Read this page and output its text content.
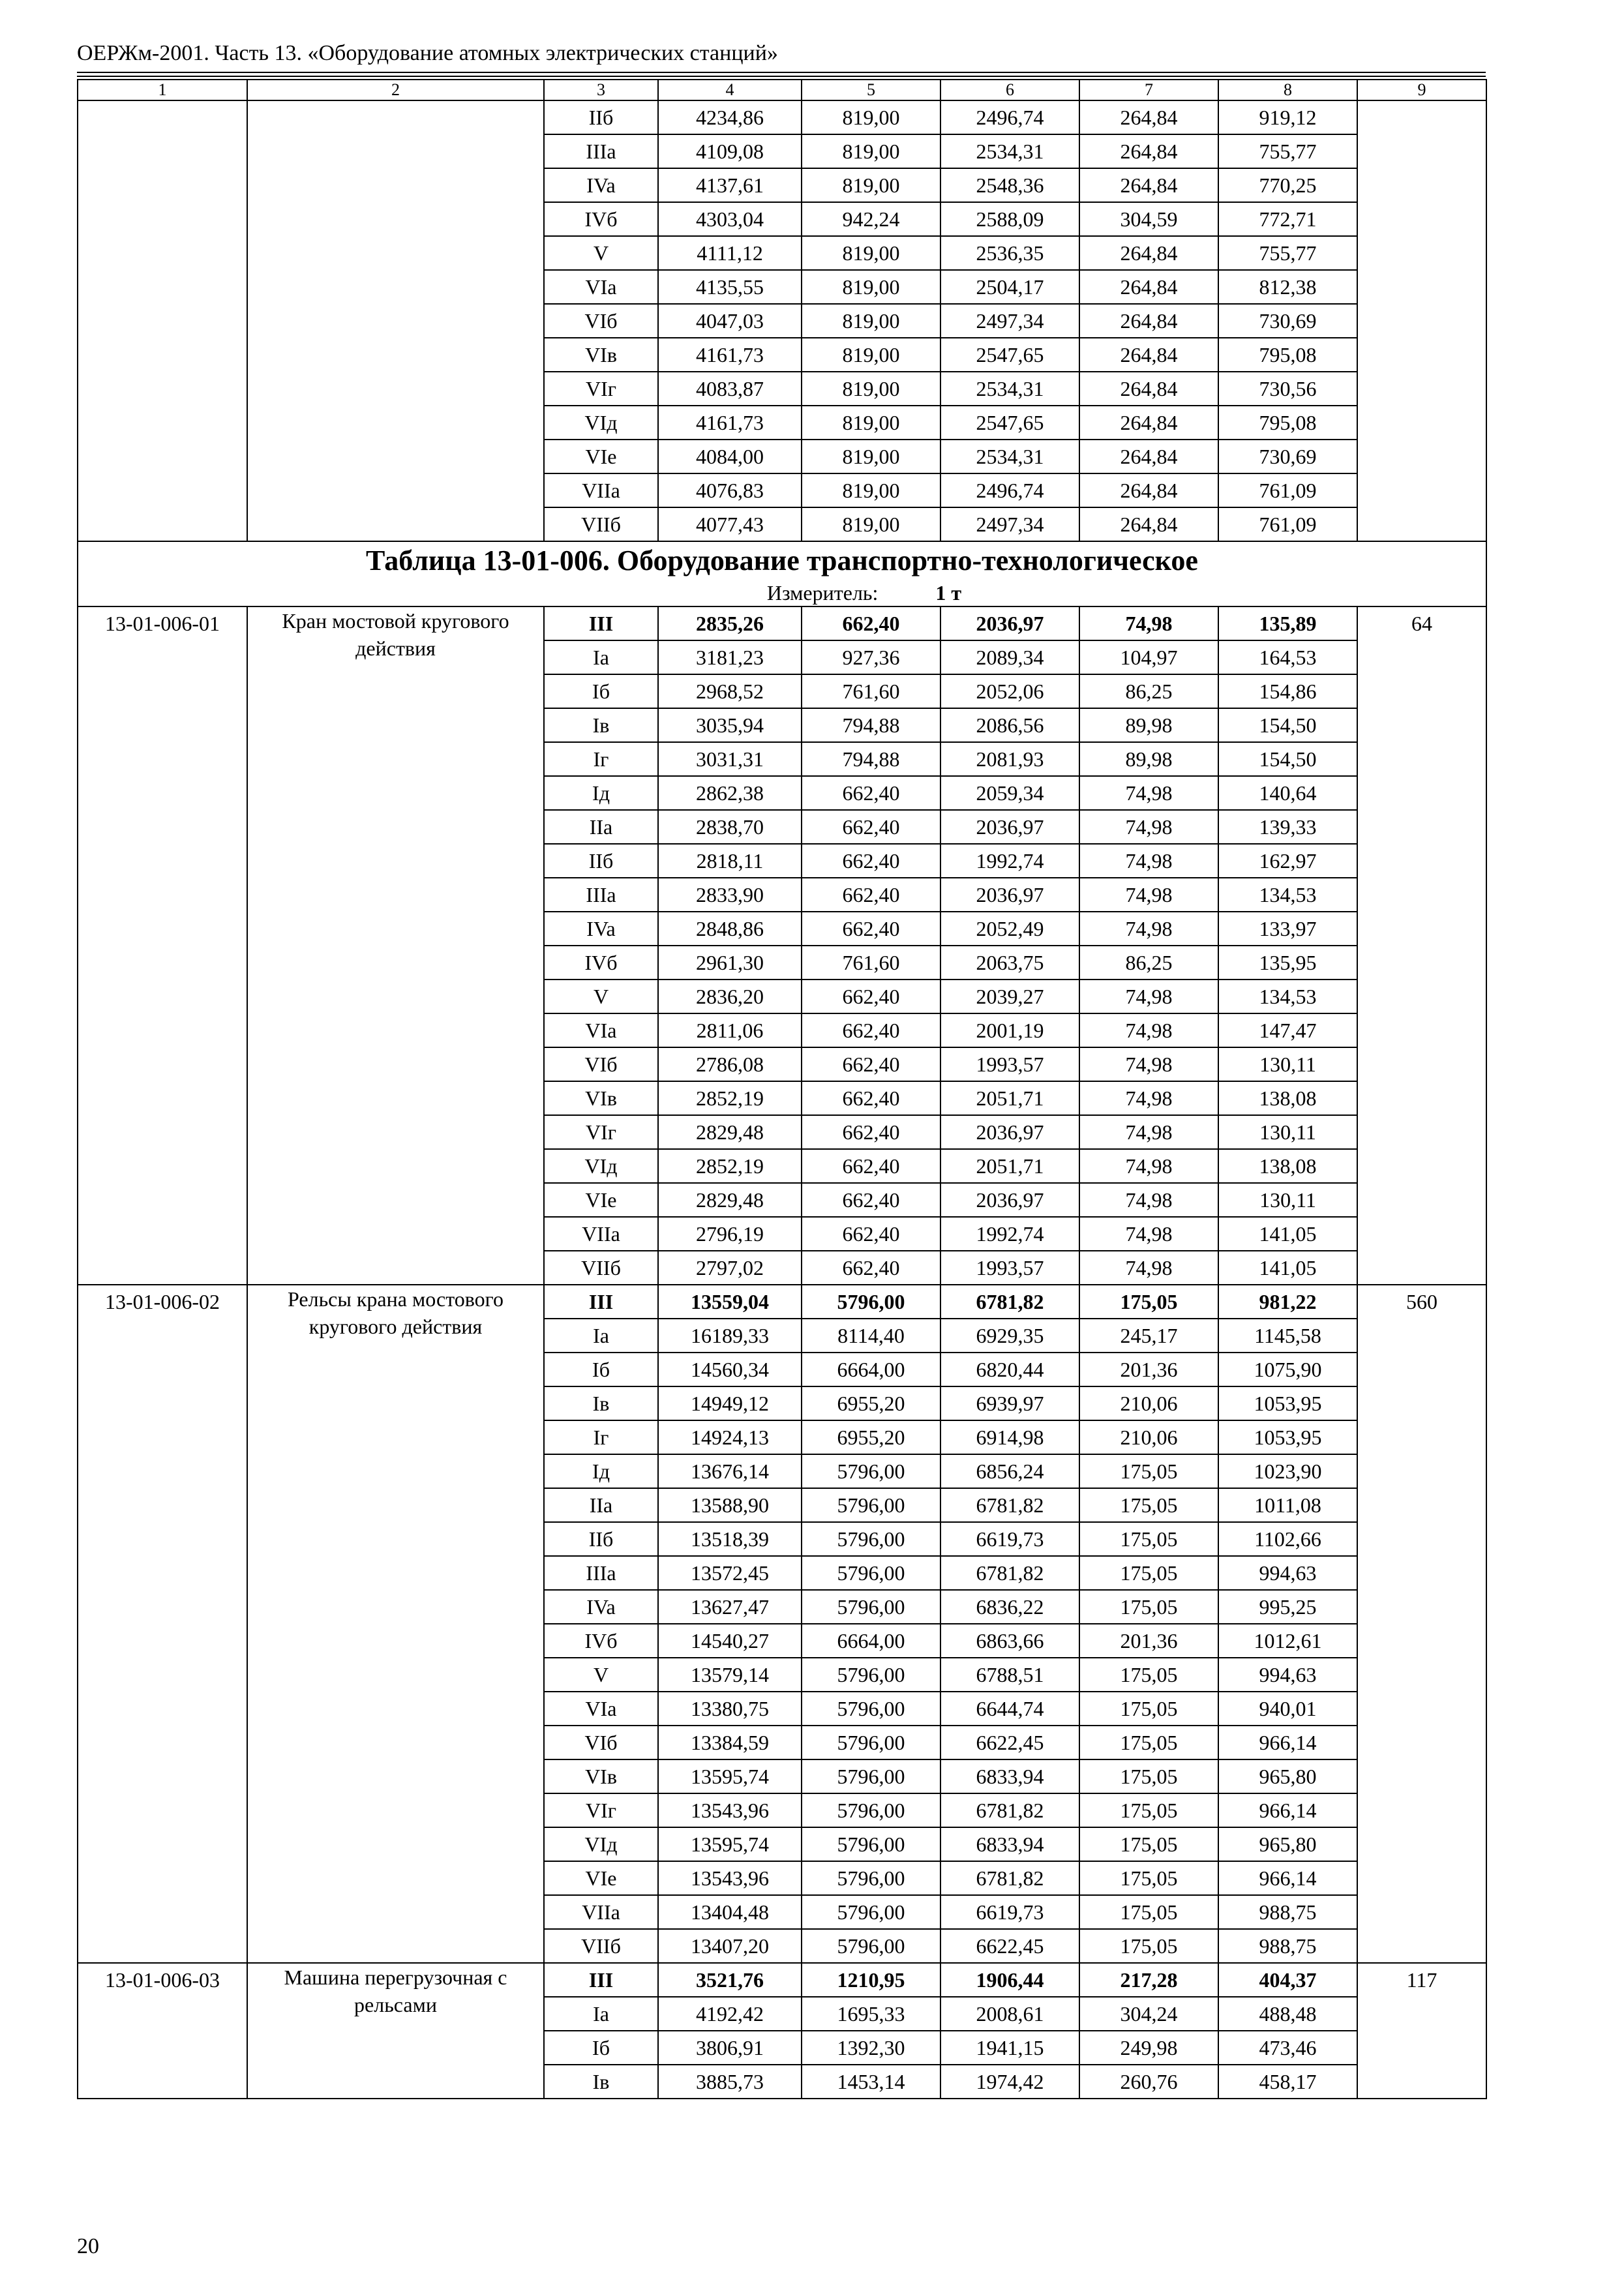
ОЕРЖм-2001. Часть 13. «Оборудование атомных электрических станций»
1	2	3	4	5	6	7	8	9
		IIб	4234,86	819,00	2496,74	264,84	919,12	
		IIIa	4109,08	819,00	2534,31	264,84	755,77	
		IVa	4137,61	819,00	2548,36	264,84	770,25	
		IVб	4303,04	942,24	2588,09	304,59	772,71	
		V	4111,12	819,00	2536,35	264,84	755,77	
		VIa	4135,55	819,00	2504,17	264,84	812,38	
		VIб	4047,03	819,00	2497,34	264,84	730,69	
		VIв	4161,73	819,00	2547,65	264,84	795,08	
		VIг	4083,87	819,00	2534,31	264,84	730,56	
		VIд	4161,73	819,00	2547,65	264,84	795,08	
		VIe	4084,00	819,00	2534,31	264,84	730,69	
		VIIa	4076,83	819,00	2496,74	264,84	761,09	
		VIIб	4077,43	819,00	2497,34	264,84	761,09	

Таблица 13-01-006. Оборудование транспортно-технологическое
Измеритель: 1 т								

13-01-006-01	Кран мостовой кругового действия	III	2835,26	662,40	2036,97	74,98	135,89	64
		Ia	3181,23	927,36	2089,34	104,97	164,53	
		Iб	2968,52	761,60	2052,06	86,25	154,86	
		Iв	3035,94	794,88	2086,56	89,98	154,50	
		Iг	3031,31	794,88	2081,93	89,98	154,50	
		Iд	2862,38	662,40	2059,34	74,98	140,64	
		IIa	2838,70	662,40	2036,97	74,98	139,33	
		IIб	2818,11	662,40	1992,74	74,98	162,97	
		IIIa	2833,90	662,40	2036,97	74,98	134,53	
		IVa	2848,86	662,40	2052,49	74,98	133,97	
		IVб	2961,30	761,60	2063,75	86,25	135,95	
		V	2836,20	662,40	2039,27	74,98	134,53	
		VIa	2811,06	662,40	2001,19	74,98	147,47	
		VIб	2786,08	662,40	1993,57	74,98	130,11	
		VIв	2852,19	662,40	2051,71	74,98	138,08	
		VIг	2829,48	662,40	2036,97	74,98	130,11	
		VIд	2852,19	662,40	2051,71	74,98	138,08	
		VIe	2829,48	662,40	2036,97	74,98	130,11	
		VIIa	2796,19	662,40	1992,74	74,98	141,05	
		VIIб	2797,02	662,40	1993,57	74,98	141,05	
13-01-006-02	Рельсы крана мостового кругового действия	III	13559,04	5796,00	6781,82	175,05	981,22	560
		Ia	16189,33	8114,40	6929,35	245,17	1145,58	
		Iб	14560,34	6664,00	6820,44	201,36	1075,90	
		Iв	14949,12	6955,20	6939,97	210,06	1053,95	
		Iг	14924,13	6955,20	6914,98	210,06	1053,95	
		Iд	13676,14	5796,00	6856,24	175,05	1023,90	
		IIa	13588,90	5796,00	6781,82	175,05	1011,08	
		IIб	13518,39	5796,00	6619,73	175,05	1102,66	
		IIIa	13572,45	5796,00	6781,82	175,05	994,63	
		IVa	13627,47	5796,00	6836,22	175,05	995,25	
		IVб	14540,27	6664,00	6863,66	201,36	1012,61	
		V	13579,14	5796,00	6788,51	175,05	994,63	
		VIa	13380,75	5796,00	6644,74	175,05	940,01	
		VIб	13384,59	5796,00	6622,45	175,05	966,14	
		VIв	13595,74	5796,00	6833,94	175,05	965,80	
		VIг	13543,96	5796,00	6781,82	175,05	966,14	
		VIд	13595,74	5796,00	6833,94	175,05	965,80	
		VIe	13543,96	5796,00	6781,82	175,05	966,14	
		VIIa	13404,48	5796,00	6619,73	175,05	988,75	
		VIIб	13407,20	5796,00	6622,45	175,05	988,75	
13-01-006-03	Машина перегрузочная с рельсами	III	3521,76	1210,95	1906,44	217,28	404,37	117
		Ia	4192,42	1695,33	2008,61	304,24	488,48	
		Iб	3806,91	1392,30	1941,15	249,98	473,46	
		Iв	3885,73	1453,14	1974,42	260,76	458,17	
20
